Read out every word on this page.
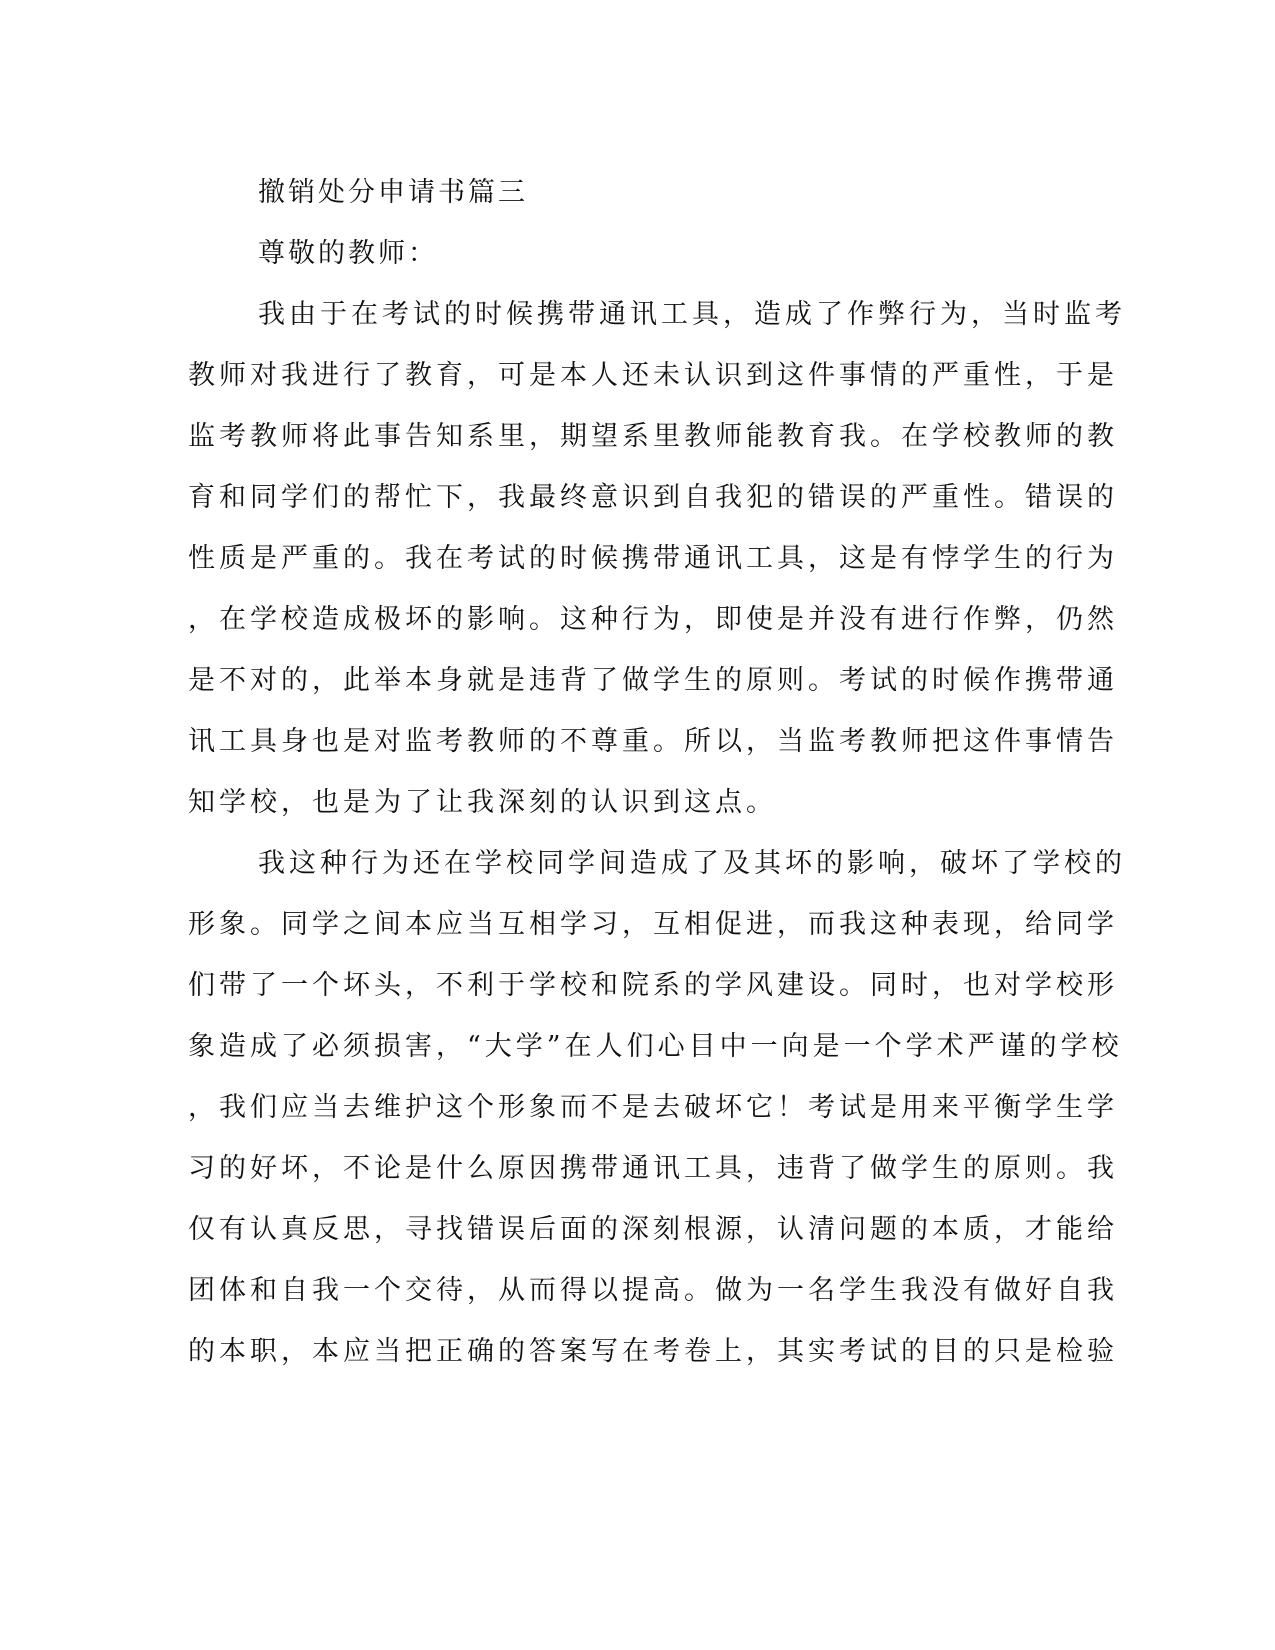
撤销处分申请书篇三

尊敬的教师：

我由于在考试的时候携带通讯工具，造成了作弊行为，当时监考

教师对我进行了教育，可是本人还未认识到这件事情的严重性，于是

监考教师将此事告知系里，期望系里教师能教育我。在学校教师的教

育和同学们的帮忙下，我最终意识到自我犯的错误的严重性。错误的

性质是严重的。我在考试的时候携带通讯工具，这是有悖学生的行为

，在学校造成极坏的影响。这种行为，即使是并没有进行作弊，仍然

是不对的，此举本身就是违背了做学生的原则。考试的时候作携带通

讯工具身也是对监考教师的不尊重。所以，当监考教师把这件事情告

知学校，也是为了让我深刻的认识到这点。

我这种行为还在学校同学间造成了及其坏的影响，破坏了学校的

形象。同学之间本应当互相学习，互相促进，而我这种表现，给同学

们带了一个坏头，不利于学校和院系的学风建设。同时，也对学校形

象造成了必须损害，“大学”在人们心目中一向是一个学术严谨的学校

，我们应当去维护这个形象而不是去破坏它！考试是用来平衡学生学

习的好坏，不论是什么原因携带通讯工具，违背了做学生的原则。我

仅有认真反思，寻找错误后面的深刻根源，认清问题的本质，才能给

团体和自我一个交待，从而得以提高。做为一名学生我没有做好自我

的本职，本应当把正确的答案写在考卷上，其实考试的目的只是检验
